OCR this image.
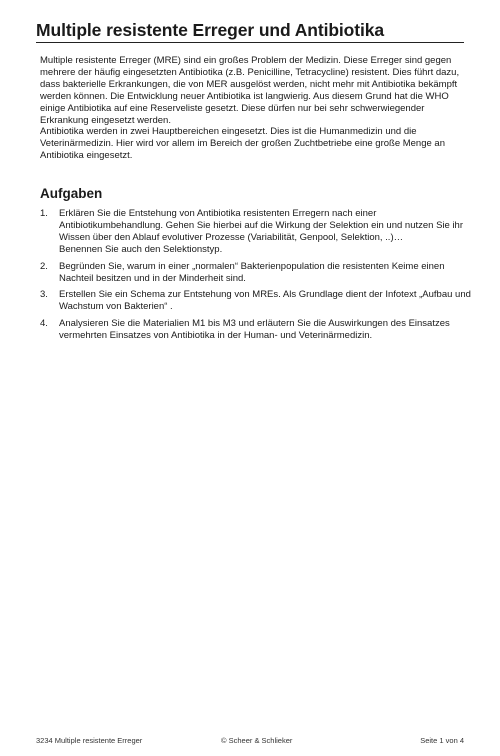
Multiple resistente Erreger und Antibiotika

Multiple resistente Erreger (MRE) sind ein großes Problem der Medizin. Diese Erreger sind gegen mehrere der häufig eingesetzten Antibiotika (z.B. Penicilline, Tetracycline) resistent. Dies führt dazu, dass bakterielle Erkrankungen, die von MER ausgelöst werden, nicht mehr mit Antibiotika bekämpft werden können. Die Entwicklung neuer Antibiotika ist langwierig. Aus diesem Grund hat die WHO einige Antibiotika auf eine Reserveliste gesetzt. Diese dürfen nur bei sehr schwerwiegender Erkrankung eingesetzt werden.

Antibiotika werden in zwei Hauptbereichen eingesetzt. Dies ist die Humanmedizin und die Veterinärmedizin. Hier wird vor allem im Bereich der großen Zuchtbetriebe eine große Menge an Antibiotika eingesetzt.

Aufgaben
1. Erklären Sie die Entstehung von Antibiotika resistenten Erregern nach einer Antibiotikumbehandlung. Gehen Sie hierbei auf die Wirkung der Selektion ein und nutzen Sie ihr Wissen über den Ablauf evolutiver Prozesse (Variabilität, Genpool, Selektion, ..)…
Benennen Sie auch den Selektionstyp.
2. Begründen Sie, warum in einer „normalen“ Bakterienpopulation die resistenten Keime einen Nachteil besitzen und in der Minderheit sind.
3. Erstellen Sie ein Schema zur Entstehung von MREs. Als Grundlage dient der Infotext „Aufbau und Wachstum von Bakterien“ .
4. Analysieren Sie die Materialien M1 bis M3 und erläutern Sie die Auswirkungen des Einsatzes vermehrten Einsatzes von Antibiotika in der Human- und Veterinärmedizin.
3234 Multiple resistente Erreger	© Scheer & Schlieker	Seite 1 von 4
